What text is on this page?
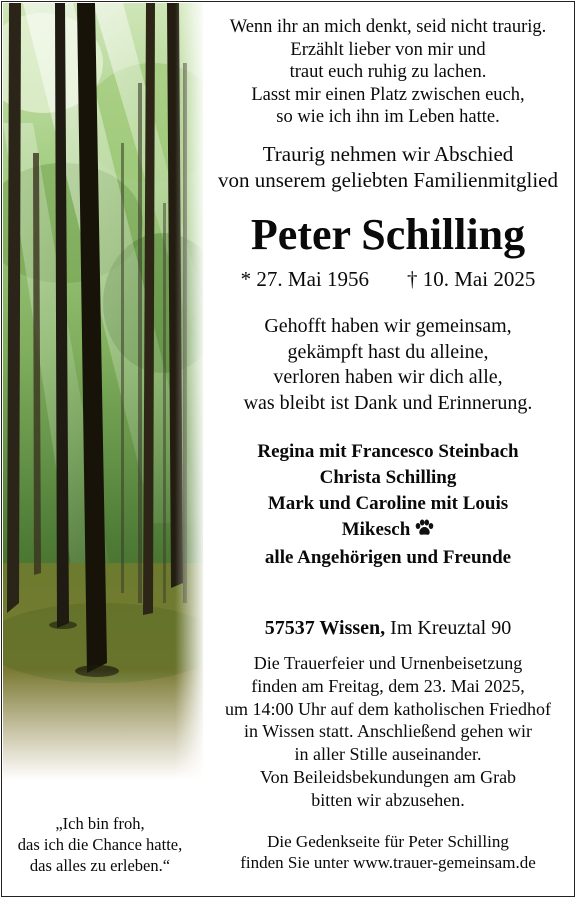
Wenn ihr an mich denkt, seid nicht traurig.
Erzählt lieber von mir und
traut euch ruhig zu lachen.
Lasst mir einen Platz zwischen euch,
so wie ich ihn im Leben hatte.
Traurig nehmen wir Abschied
von unserem geliebten Familienmitglied
Peter Schilling
* 27. Mai 1956 † 10. Mai 2025
Gehofft haben wir gemeinsam,
gekämpft hast du alleine,
verloren haben wir dich alle,
was bleibt ist Dank und Erinnerung.
Regina mit Francesco Steinbach
Christa Schilling
Mark und Caroline mit Louis
Mikesch
alle Angehörigen und Freunde
57537 Wissen, Im Kreuztal 90
Die Trauerfeier und Urnenbeisetzung
finden am Freitag, dem 23. Mai 2025,
um 14:00 Uhr auf dem katholischen Friedhof
in Wissen statt. Anschließend gehen wir
in aller Stille auseinander.
Von Beileidsbekundungen am Grab
bitten wir abzusehen.
Die Gedenkseite für Peter Schilling
finden Sie unter www.trauer-gemeinsam.de
„Ich bin froh,
das ich die Chance hatte,
das alles zu erleben.“
